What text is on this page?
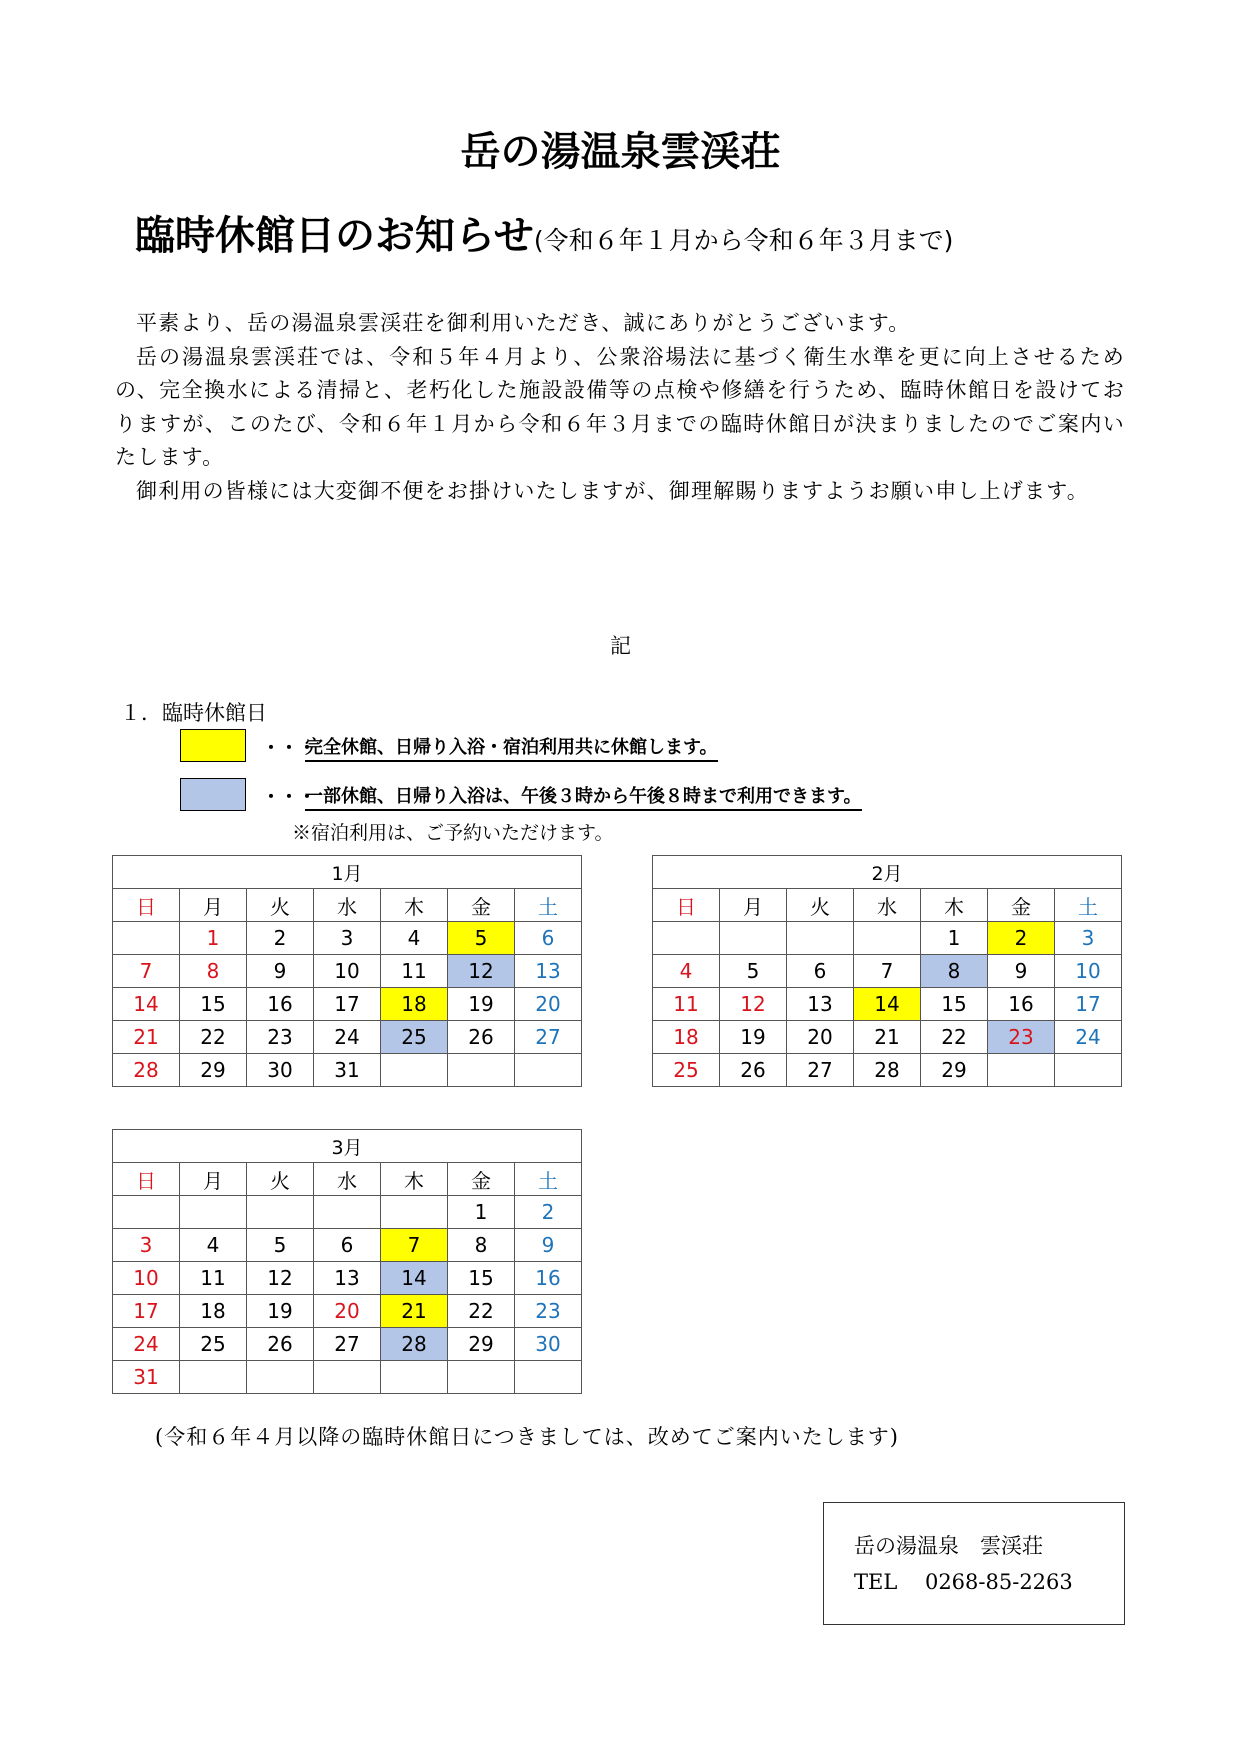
岳の湯温泉雲渓荘
臨時休館日のお知らせ(令和６年１月から令和６年３月まで)

平素より、岳の湯温泉雲渓荘を御利用いただき、誠にありがとうございます。

岳の湯温泉雲渓荘では、令和５年４月より、公衆浴場法に基づく衛生水準を更に向上させるための、完全換水による清掃と、老朽化した施設設備等の点検や修繕を行うため、臨時休館日を設けておりますが、このたび、令和６年１月から令和６年３月までの臨時休館日が決まりましたのでご案内いたします。

御利用の皆様には大変御不便をお掛けいたしますが、御理解賜りますようお願い申し上げます。

記
１．臨時休館日
・・・
完全休館、日帰り入浴・宿泊利用共に休館します。
・・・
一部休館、日帰り入浴は、午後３時から午後８時まで利用できます。
※宿泊利用は、ご予約いただけます。
1月						
日	月	火	水	木	金	土
	1	2	3	4	5	6
7	8	9	10	11	12	13
14	15	16	17	18	19	20
21	22	23	24	25	26	27
28	29	30	31			
2月						
日	月	火	水	木	金	土
				1	2	3
4	5	6	7	8	9	10
11	12	13	14	15	16	17
18	19	20	21	22	23	24
25	26	27	28	29		
3月						
日	月	火	水	木	金	土
					1	2
3	4	5	6	7	8	9
10	11	12	13	14	15	16
17	18	19	20	21	22	23
24	25	26	27	28	29	30
31						
(令和６年４月以降の臨時休館日につきましては、改めてご案内いたします)
岳の湯温泉　雲渓荘
TEL　 0268-85-2263
